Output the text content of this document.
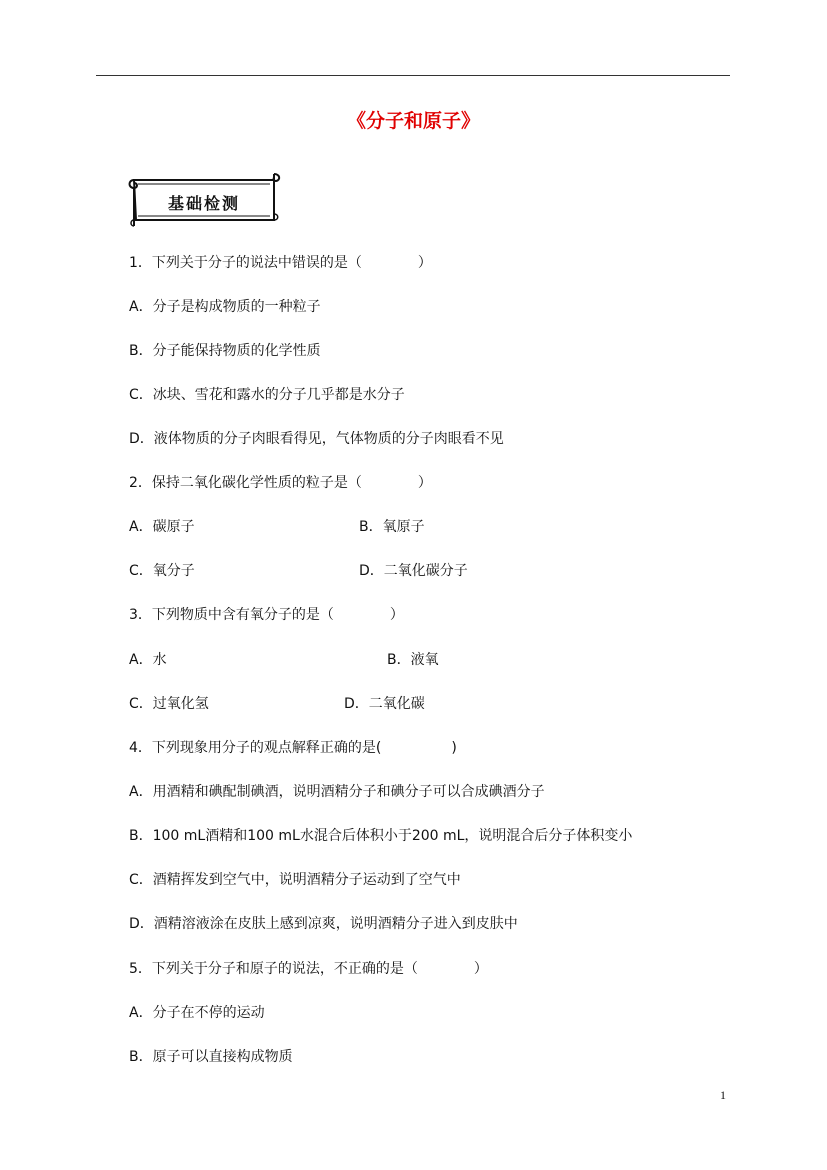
《分子和原子》
基础检测
1．下列关于分子的说法中错误的是（　　　　）
A．分子是构成物质的一种粒子
B．分子能保持物质的化学性质
C．冰块、雪花和露水的分子几乎都是水分子
D．液体物质的分子肉眼看得见，气体物质的分子肉眼看不见
2．保持二氧化碳化学性质的粒子是（　　　　）
A．碳原子	B．氧原子
C．氧分子	D．二氧化碳分子
3．下列物质中含有氧分子的是（　　　　）
A．水	B．液氧
C．过氧化氢	D．二氧化碳
4．下列现象用分子的观点解释正确的是(　　　　　)
A．用酒精和碘配制碘酒，说明酒精分子和碘分子可以合成碘酒分子
B．100 mL酒精和100 mL水混合后体积小于200 mL，说明混合后分子体积变小
C．酒精挥发到空气中，说明酒精分子运动到了空气中
D．酒精溶液涂在皮肤上感到凉爽，说明酒精分子进入到皮肤中
5．下列关于分子和原子的说法，不正确的是（　　　　）
A．分子在不停的运动
B．原子可以直接构成物质
1
